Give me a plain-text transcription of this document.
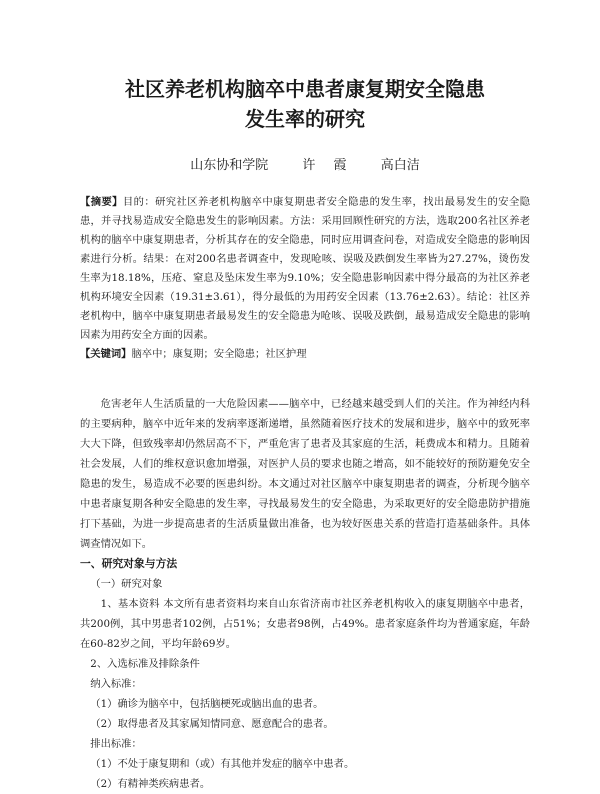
社区养老机构脑卒中患者康复期安全隐患
发生率的研究
山东协和学院	许 霞	高白洁
【摘要】目的：研究社区养老机构脑卒中康复期患者安全隐患的发生率，找出最易发生的安全隐患，并寻找易造成安全隐患发生的影响因素。方法：采用回顾性研究的方法，选取200名社区养老机构的脑卒中康复期患者，分析其存在的安全隐患，同时应用调查问卷，对造成安全隐患的影响因素进行分析。结果：在对200名患者调查中，发现呛咳、误吸及跌倒发生率皆为27.27%，烫伤发生率为18.18%，压疮、窒息及坠床发生率为9.10%；安全隐患影响因素中得分最高的为社区养老机构环境安全因素（19.31±3.61），得分最低的为用药安全因素（13.76±2.63）。结论：社区养老机构中，脑卒中康复期患者最易发生的安全隐患为呛咳、误吸及跌倒，最易造成安全隐患的影响因素为用药安全方面的因素。
【关键词】脑卒中；康复期；安全隐患；社区护理

危害老年人生活质量的一大危险因素——脑卒中，已经越来越受到人们的关注。作为神经内科的主要病种，脑卒中近年来的发病率逐渐递增，虽然随着医疗技术的发展和进步，脑卒中的致死率大大下降，但致残率却仍然居高不下，严重危害了患者及其家庭的生活，耗费成本和精力。且随着社会发展，人们的维权意识愈加增强，对医护人员的要求也随之增高，如不能较好的预防避免安全隐患的发生，易造成不必要的医患纠纷。本文通过对社区脑卒中康复期患者的调查，分析现今脑卒中患者康复期各种安全隐患的发生率，寻找最易发生的安全隐患，为采取更好的安全隐患防护措施打下基础，为进一步提高患者的生活质量做出准备，也为较好医患关系的营造打造基础条件。具体调查情况如下。

一、研究对象与方法

（一）研究对象

1、基本资料 本文所有患者资料均来自山东省济南市社区养老机构收入的康复期脑卒中患者，共200例，其中男患者102例，占51%；女患者98例，占49%。患者家庭条件均为普通家庭，年龄在60-82岁之间，平均年龄69岁。

2、入选标准及排除条件

纳入标准：

（1）确诊为脑卒中，包括脑梗死或脑出血的患者。

（2）取得患者及其家属知情同意、愿意配合的患者。

排出标准：

（1）不处于康复期和（或）有其他并发症的脑卒中患者。

（2）有精神类疾病患者。
